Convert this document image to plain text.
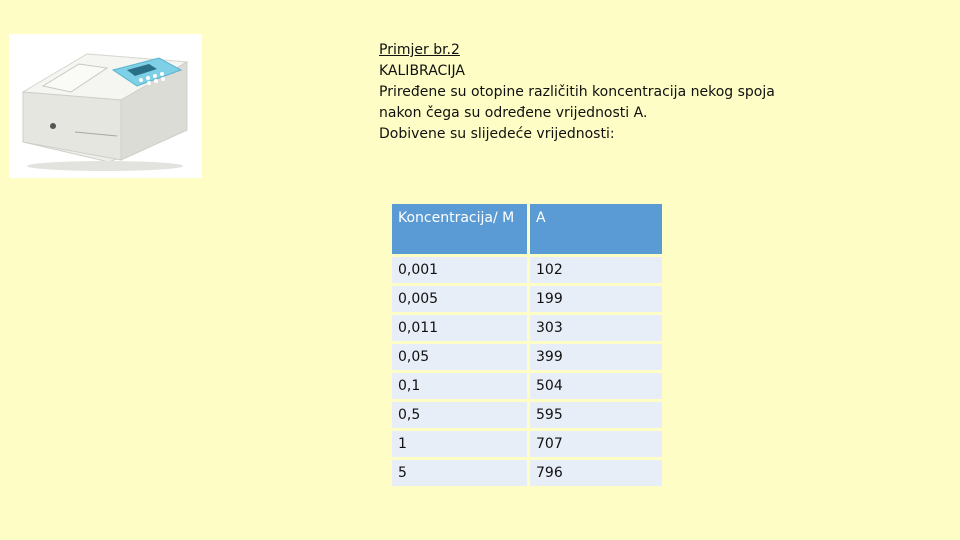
Primjer br.2

KALIBRACIJA

Priređene su otopine različitih koncentracija nekog spoja

nakon čega su određene vrijednosti A.

Dobivene su slijedeće vrijednosti:

Koncentracija/ M	A
0,001	102
0,005	199
0,011	303
0,05	399
0,1	504
0,5	595
1	707
5	796
